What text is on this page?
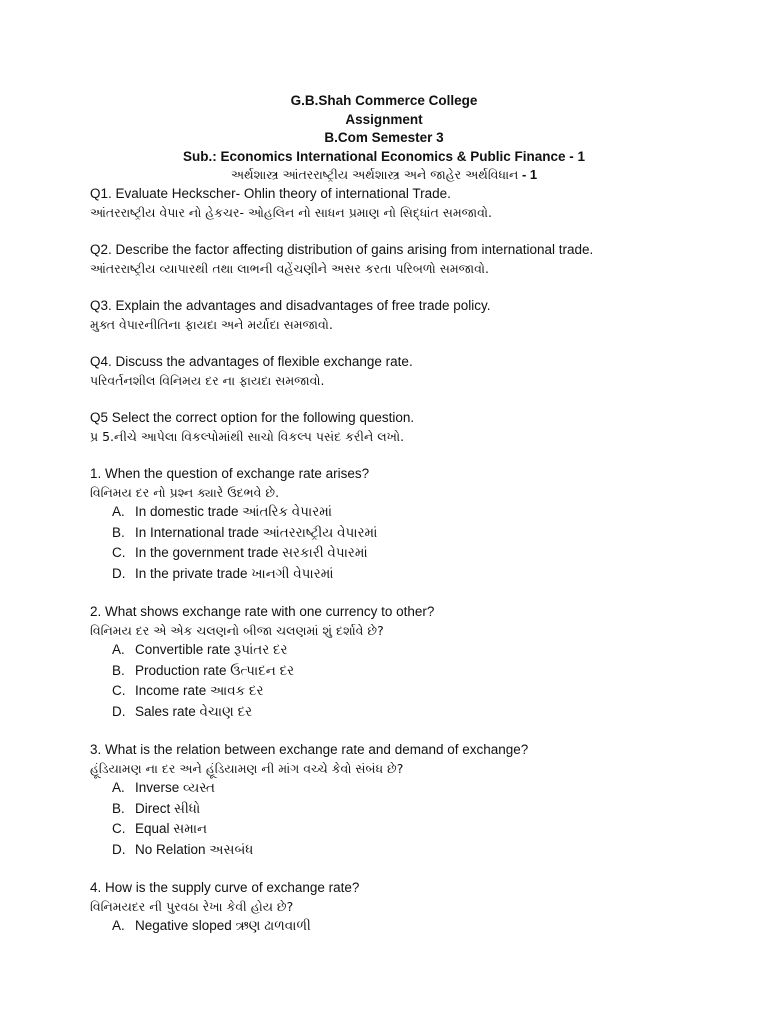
G.B.Shah Commerce College

Assignment

B.Com Semester 3

Sub.: Economics International Economics & Public Finance - 1

અર્થશાસ્ત્ર આંતરરાષ્ટ્રીય અર્થશાસ્ત્ર અને જાહેર અર્થવિધાન - 1

Q1. Evaluate Heckscher- Ohlin theory of international Trade.

આંતરરાષ્ટ્રીય વેપાર નો હેકચર- ઓહલિન નો સાધન પ્રમાણ નો સિદ્ધાંત સમજાવો.

Q2. Describe the factor affecting distribution of gains arising from international trade.

આંતરરાષ્ટ્રીય વ્યાપારથી તથા લાભની વહેંચણીને અસર કરતા પરિબળો સમજાવો.

Q3. Explain the advantages and disadvantages of free trade policy.

મુક્ત વેપારનીતિના ફાયદા અને મર્યાદા સમજાવો.

Q4. Discuss the advantages of flexible exchange rate.

પરિવર્તનશીલ વિનિમય દર ના ફાયદા સમજાવો.

Q5 Select the correct option for the following question.

પ્ર 5.નીચે આપેલા વિકલ્પોમાંથી સાચો વિકલ્પ પસંદ કરીને લખો.

1. When the question of exchange rate arises?

વિનિમય દર નો પ્રશ્ન ક્યારે ઉદભવે છે.

A. In domestic trade આંતરિક વેપારમાં
B. In International trade આંતરરાષ્ટ્રીય વેપારમાં
C. In the government trade સરકારી વેપારમાં
D. In the private trade ખાનગી વેપારમાં

2. What shows exchange rate with one currency to other?

વિનિમય દર એ એક ચલણનો બીજા ચલણમાં શું દર્શાવે છે?

A. Convertible rate રૂપાંતર દર
B. Production rate ઉત્પાદન દર
C. Income rate આવક દર
D. Sales rate વેચાણ દર

3. What is the relation between exchange rate and demand of exchange?

હૂંડિયામણ ના દર અને હૂંડિયામણ ની માંગ વચ્ચે કેવો સંબંધ છે?

A. Inverse વ્યસ્ત
B. Direct સીધો
C. Equal સમાન
D. No Relation અસબંધ

4. How is the supply curve of exchange rate?

વિનિમયદર ની પુરવઠા રેખા કેવી હોય છે?

A. Negative sloped ઋણ ઢાળવાળી
